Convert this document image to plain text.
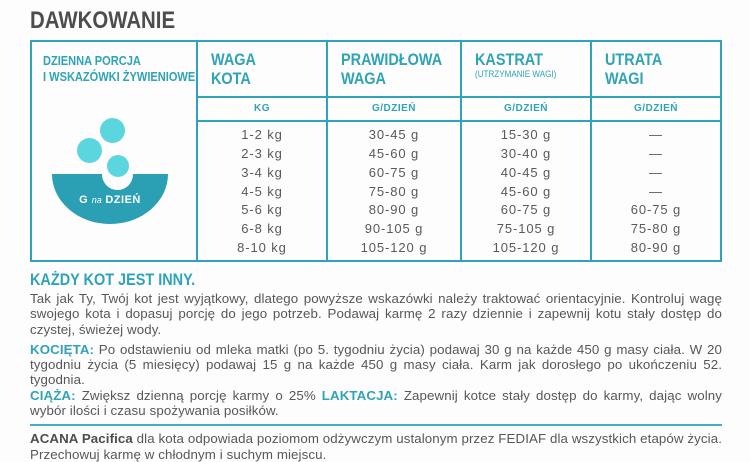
DAWKOWANIE
DZIENNA PORCJA
I WSKAZÓWKI ŻYWIENIOWE
G na DZIEŃ
WAGA
KOTA
KG
1-2 kg
2-3 kg
3-4 kg
4-5 kg
5-6 kg
6-8 kg
8-10 kg
PRAWIDŁOWA
WAGA
G/DZIEŃ
30-45 g
45-60 g
60-75 g
75-80 g
80-90 g
90-105 g
105-120 g
KASTRAT
(UTRZYMANIE WAGI)
G/DZIEŃ
15-30 g
30-40 g
40-45 g
45-60 g
60-75 g
75-105 g
105-120 g
UTRATA
WAGI
G/DZIEŃ
—
—
—
—
60-75 g
75-80 g
80-90 g
KAŻDY KOT JEST INNY.

Tak jak Ty, Twój kot jest wyjątkowy, dlatego powyższe wskazówki należy traktować orientacyjnie. Kontroluj wagę swojego kota i dopasuj porcję do jego potrzeb. Podawaj karmę 2 razy dziennie i zapewnij kotu stały dostęp do czystej, świeżej wody.

KOCIĘTA: Po odstawieniu od mleka matki (po 5. tygodniu życia) podawaj 30 g na każde 450 g masy ciała. W 20 tygodniu życia (5 miesięcy) podawaj 15 g na każde 450 g masy ciała. Karm jak dorosłego po ukończeniu 52. tygodnia.

CIĄŻA: Zwiększ dzienną porcję karmy o 25% LAKTACJA: Zapewnij kotce stały dostęp do karmy, dając wolny wybór ilości i czasu spożywania posiłków.

ACANA Pacifica dla kota odpowiada poziomom odżywczym ustalonym przez FEDIAF dla wszystkich etapów życia.

Przechowuj karmę w chłodnym i suchym miejscu.
